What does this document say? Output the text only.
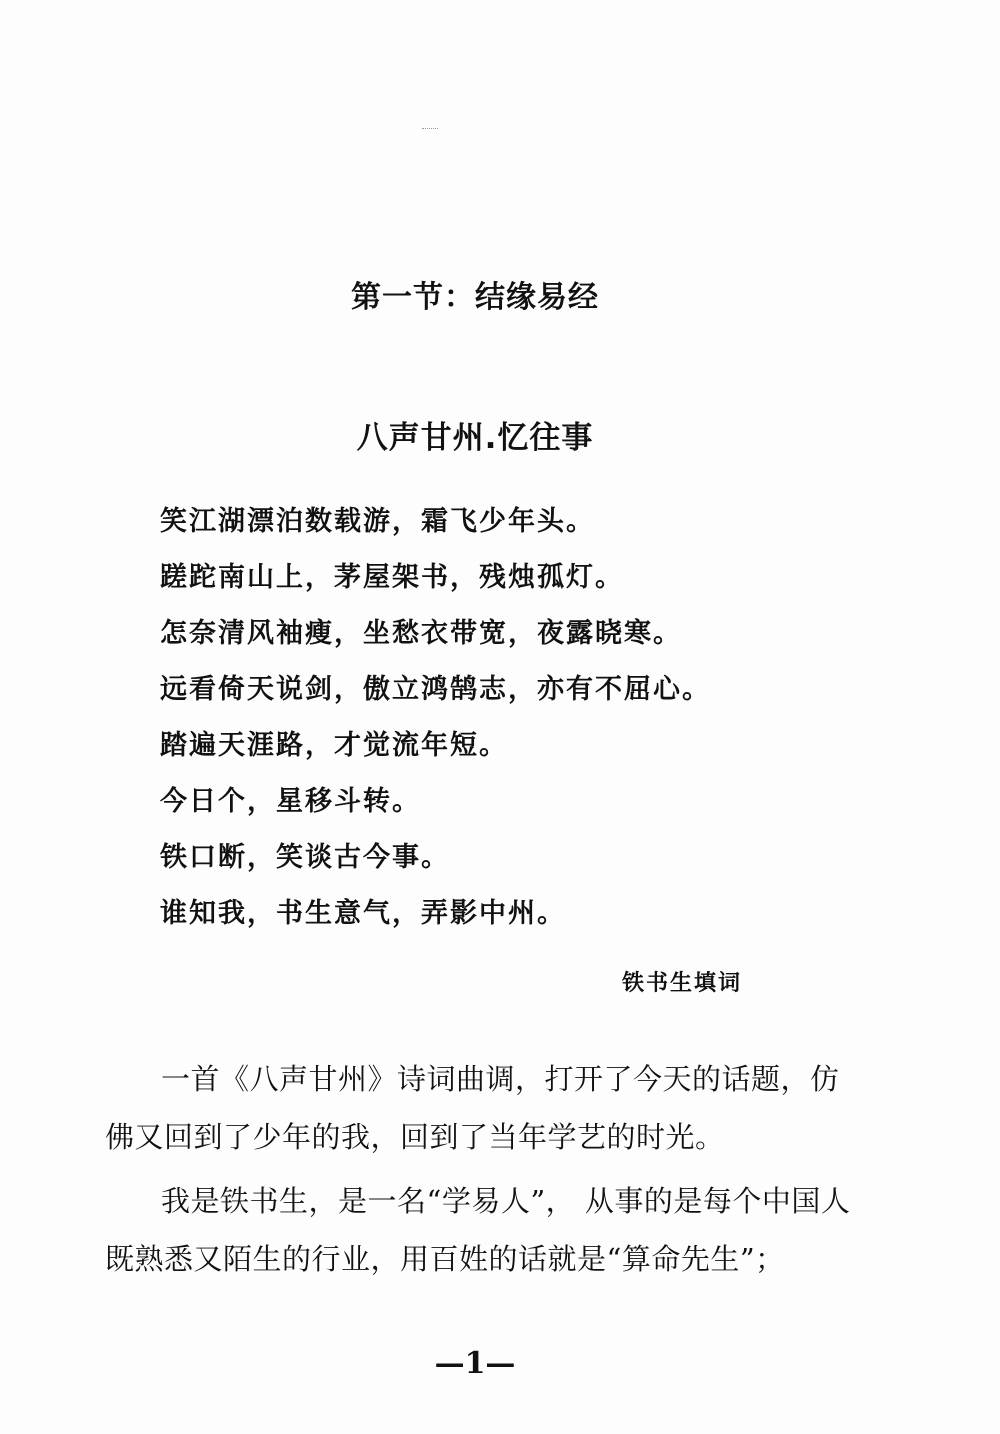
第一节：结缘易经
八声甘州.忆往事
笑江湖漂泊数载游，霜飞少年头。
蹉跎南山上，茅屋架书，残烛孤灯。
怎奈清风袖瘦，坐愁衣带宽，夜露晓寒。
远看倚天说剑，傲立鸿鹄志，亦有不屈心。
踏遍天涯路，才觉流年短。
今日个，星移斗转。
铁口断，笑谈古今事。
谁知我，书生意气，弄影中州。
铁书生填词

一首《八声甘州》诗词曲调，打开了今天的话题，仿佛又回到了少年的我，回到了当年学艺的时光。

我是铁书生，是一名“学易人”， 从事的是每个中国人既熟悉又陌生的行业，用百姓的话就是“算命先生”；

—1—
